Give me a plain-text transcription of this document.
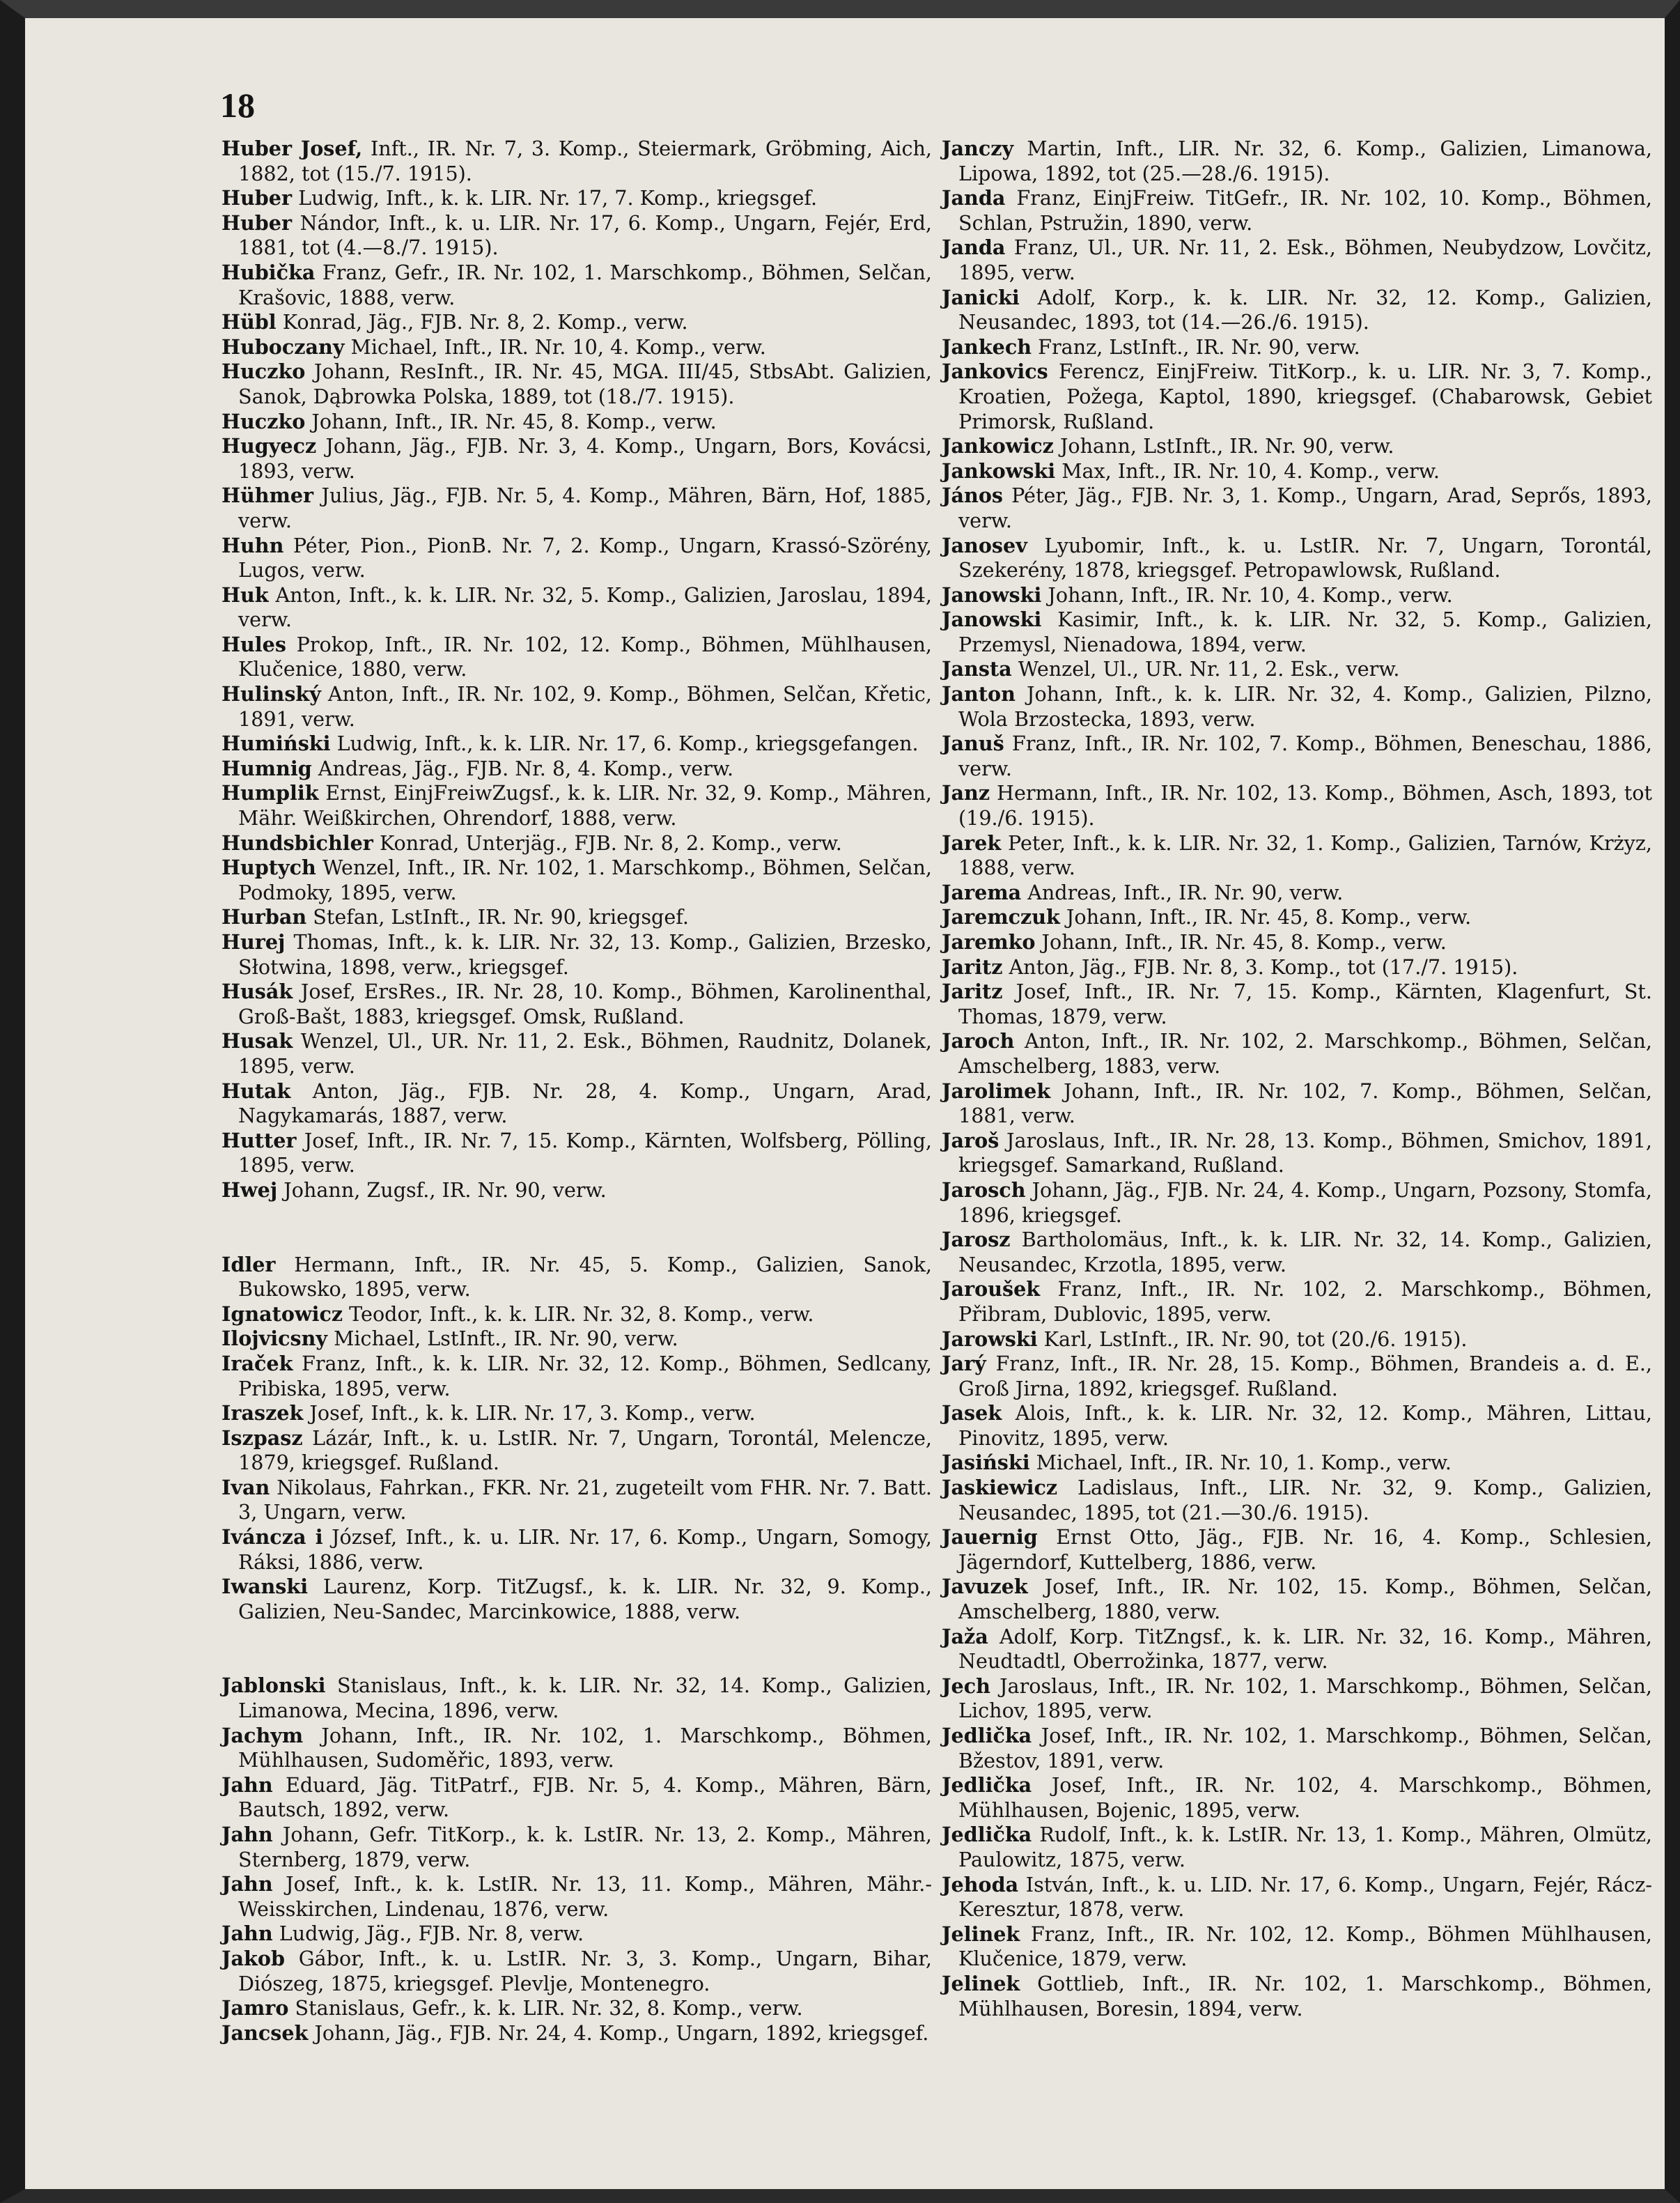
18

Huber Josef, Inft., IR. Nr. 7, 3. Komp., Steiermark, Gröbming, Aich, 1882, tot (15./7. 1915).

Huber Ludwig, Inft., k. k. LIR. Nr. 17, 7. Komp., kriegsgef.

Huber Nándor, Inft., k. u. LIR. Nr. 17, 6. Komp., Ungarn, Fejér, Erd, 1881, tot (4.—8./7. 1915).

Hubička Franz, Gefr., IR. Nr. 102, 1. Marschkomp., Böhmen, Selčan, Krašovic, 1888, verw.

Hübl Konrad, Jäg., FJB. Nr. 8, 2. Komp., verw.

Huboczany Michael, Inft., IR. Nr. 10, 4. Komp., verw.

Huczko Johann, ResInft., IR. Nr. 45, MGA. III/45, StbsAbt. Galizien, Sanok, Dąbrowka Polska, 1889, tot (18./7. 1915).

Huczko Johann, Inft., IR. Nr. 45, 8. Komp., verw.

Hugyecz Johann, Jäg., FJB. Nr. 3, 4. Komp., Ungarn, Bors, Kovácsi, 1893, verw.

Hühmer Julius, Jäg., FJB. Nr. 5, 4. Komp., Mähren, Bärn, Hof, 1885, verw.

Huhn Péter, Pion., PionB. Nr. 7, 2. Komp., Ungarn, Krassó-Szörény, Lugos, verw.

Huk Anton, Inft., k. k. LIR. Nr. 32, 5. Komp., Galizien, Jaroslau, 1894, verw.

Hules Prokop, Inft., IR. Nr. 102, 12. Komp., Böhmen, Mühlhausen, Klučenice, 1880, verw.

Hulinský Anton, Inft., IR. Nr. 102, 9. Komp., Böhmen, Selčan, Křetic, 1891, verw.

Humiński Ludwig, Inft., k. k. LIR. Nr. 17, 6. Komp., kriegsgefangen.

Humnig Andreas, Jäg., FJB. Nr. 8, 4. Komp., verw.

Humplik Ernst, EinjFreiwZugsf., k. k. LIR. Nr. 32, 9. Komp., Mähren, Mähr. Weißkirchen, Ohrendorf, 1888, verw.

Hundsbichler Konrad, Unterjäg., FJB. Nr. 8, 2. Komp., verw.

Huptych Wenzel, Inft., IR. Nr. 102, 1. Marschkomp., Böhmen, Selčan, Podmoky, 1895, verw.

Hurban Stefan, LstInft., IR. Nr. 90, kriegsgef.

Hurej Thomas, Inft., k. k. LIR. Nr. 32, 13. Komp., Galizien, Brzesko, Słotwina, 1898, verw., kriegsgef.

Husák Josef, ErsRes., IR. Nr. 28, 10. Komp., Böhmen, Karolinenthal, Groß-Bašt, 1883, kriegsgef. Omsk, Rußland.

Husak Wenzel, Ul., UR. Nr. 11, 2. Esk., Böhmen, Raudnitz, Dolanek, 1895, verw.

Hutak Anton, Jäg., FJB. Nr. 28, 4. Komp., Ungarn, Arad, Nagykamarás, 1887, verw.

Hutter Josef, Inft., IR. Nr. 7, 15. Komp., Kärnten, Wolfsberg, Pölling, 1895, verw.

Hwej Johann, Zugsf., IR. Nr. 90, verw.

Idler Hermann, Inft., IR. Nr. 45, 5. Komp., Galizien, Sanok, Bukowsko, 1895, verw.

Ignatowicz Teodor, Inft., k. k. LIR. Nr. 32, 8. Komp., verw.

Ilojvicsny Michael, LstInft., IR. Nr. 90, verw.

Iraček Franz, Inft., k. k. LIR. Nr. 32, 12. Komp., Böhmen, Sedlcany, Pribiska, 1895, verw.

Iraszek Josef, Inft., k. k. LIR. Nr. 17, 3. Komp., verw.

Iszpasz Lázár, Inft., k. u. LstIR. Nr. 7, Ungarn, Torontál, Melencze, 1879, kriegsgef. Rußland.

Ivan Nikolaus, Fahrkan., FKR. Nr. 21, zugeteilt vom FHR. Nr. 7. Batt. 3, Ungarn, verw.

Iváncza i József, Inft., k. u. LIR. Nr. 17, 6. Komp., Ungarn, Somogy, Ráksi, 1886, verw.

Iwanski Laurenz, Korp. TitZugsf., k. k. LIR. Nr. 32, 9. Komp., Galizien, Neu-Sandec, Marcinkowice, 1888, verw.

Jablonski Stanislaus, Inft., k. k. LIR. Nr. 32, 14. Komp., Galizien, Limanowa, Mecina, 1896, verw.

Jachym Johann, Inft., IR. Nr. 102, 1. Marschkomp., Böhmen, Mühlhausen, Sudoměřic, 1893, verw.

Jahn Eduard, Jäg. TitPatrf., FJB. Nr. 5, 4. Komp., Mähren, Bärn, Bautsch, 1892, verw.

Jahn Johann, Gefr. TitKorp., k. k. LstIR. Nr. 13, 2. Komp., Mähren, Sternberg, 1879, verw.

Jahn Josef, Inft., k. k. LstIR. Nr. 13, 11. Komp., Mähren, Mähr.-Weisskirchen, Lindenau, 1876, verw.

Jahn Ludwig, Jäg., FJB. Nr. 8, verw.

Jakob Gábor, Inft., k. u. LstIR. Nr. 3, 3. Komp., Ungarn, Bihar, Diószeg, 1875, kriegsgef. Plevlje, Montenegro.

Jamro Stanislaus, Gefr., k. k. LIR. Nr. 32, 8. Komp., verw.

Jancsek Johann, Jäg., FJB. Nr. 24, 4. Komp., Ungarn, 1892, kriegsgef.

Janczy Martin, Inft., LIR. Nr. 32, 6. Komp., Galizien, Limanowa, Lipowa, 1892, tot (25.—28./6. 1915).

Janda Franz, EinjFreiw. TitGefr., IR. Nr. 102, 10. Komp., Böhmen, Schlan, Pstružin, 1890, verw.

Janda Franz, Ul., UR. Nr. 11, 2. Esk., Böhmen, Neubydzow, Lovčitz, 1895, verw.

Janicki Adolf, Korp., k. k. LIR. Nr. 32, 12. Komp., Galizien, Neusandec, 1893, tot (14.—26./6. 1915).

Jankech Franz, LstInft., IR. Nr. 90, verw.

Jankovics Ferencz, EinjFreiw. TitKorp., k. u. LIR. Nr. 3, 7. Komp., Kroatien, Požega, Kaptol, 1890, kriegsgef. (Chabarowsk, Gebiet Primorsk, Rußland.

Jankowicz Johann, LstInft., IR. Nr. 90, verw.

Jankowski Max, Inft., IR. Nr. 10, 4. Komp., verw.

János Péter, Jäg., FJB. Nr. 3, 1. Komp., Ungarn, Arad, Seprős, 1893, verw.

Janosev Lyubomir, Inft., k. u. LstIR. Nr. 7, Ungarn, Torontál, Szekerény, 1878, kriegsgef. Petropawlowsk, Rußland.

Janowski Johann, Inft., IR. Nr. 10, 4. Komp., verw.

Janowski Kasimir, Inft., k. k. LIR. Nr. 32, 5. Komp., Galizien, Przemysl, Nienadowa, 1894, verw.

Jansta Wenzel, Ul., UR. Nr. 11, 2. Esk., verw.

Janton Johann, Inft., k. k. LIR. Nr. 32, 4. Komp., Galizien, Pilzno, Wola Brzostecka, 1893, verw.

Januš Franz, Inft., IR. Nr. 102, 7. Komp., Böhmen, Beneschau, 1886, verw.

Janz Hermann, Inft., IR. Nr. 102, 13. Komp., Böhmen, Asch, 1893, tot (19./6. 1915).

Jarek Peter, Inft., k. k. LIR. Nr. 32, 1. Komp., Galizien, Tarnów, Krżyz, 1888, verw.

Jarema Andreas, Inft., IR. Nr. 90, verw.

Jaremczuk Johann, Inft., IR. Nr. 45, 8. Komp., verw.

Jaremko Johann, Inft., IR. Nr. 45, 8. Komp., verw.

Jaritz Anton, Jäg., FJB. Nr. 8, 3. Komp., tot (17./7. 1915).

Jaritz Josef, Inft., IR. Nr. 7, 15. Komp., Kärnten, Klagenfurt, St. Thomas, 1879, verw.

Jaroch Anton, Inft., IR. Nr. 102, 2. Marschkomp., Böhmen, Selčan, Amschelberg, 1883, verw.

Jarolimek Johann, Inft., IR. Nr. 102, 7. Komp., Böhmen, Selčan, 1881, verw.

Jaroš Jaroslaus, Inft., IR. Nr. 28, 13. Komp., Böhmen, Smichov, 1891, kriegsgef. Samarkand, Rußland.

Jarosch Johann, Jäg., FJB. Nr. 24, 4. Komp., Ungarn, Pozsony, Stomfa, 1896, kriegsgef.

Jarosz Bartholomäus, Inft., k. k. LIR. Nr. 32, 14. Komp., Galizien, Neusandec, Krzotla, 1895, verw.

Jaroušek Franz, Inft., IR. Nr. 102, 2. Marschkomp., Böhmen, Přibram, Dublovic, 1895, verw.

Jarowski Karl, LstInft., IR. Nr. 90, tot (20./6. 1915).

Jarý Franz, Inft., IR. Nr. 28, 15. Komp., Böhmen, Brandeis a. d. E., Groß Jirna, 1892, kriegsgef. Rußland.

Jasek Alois, Inft., k. k. LIR. Nr. 32, 12. Komp., Mähren, Littau, Pinovitz, 1895, verw.

Jasiński Michael, Inft., IR. Nr. 10, 1. Komp., verw.

Jaskiewicz Ladislaus, Inft., LIR. Nr. 32, 9. Komp., Galizien, Neusandec, 1895, tot (21.—30./6. 1915).

Jauernig Ernst Otto, Jäg., FJB. Nr. 16, 4. Komp., Schlesien, Jägerndorf, Kuttelberg, 1886, verw.

Javuzek Josef, Inft., IR. Nr. 102, 15. Komp., Böhmen, Selčan, Amschelberg, 1880, verw.

Jaža Adolf, Korp. TitZngsf., k. k. LIR. Nr. 32, 16. Komp., Mähren, Neudtadtl, Oberrožinka, 1877, verw.

Jech Jaroslaus, Inft., IR. Nr. 102, 1. Marschkomp., Böhmen, Selčan, Lichov, 1895, verw.

Jedlička Josef, Inft., IR. Nr. 102, 1. Marschkomp., Böhmen, Selčan, Bžestov, 1891, verw.

Jedlička Josef, Inft., IR. Nr. 102, 4. Marschkomp., Böhmen, Mühlhausen, Bojenic, 1895, verw.

Jedlička Rudolf, Inft., k. k. LstIR. Nr. 13, 1. Komp., Mähren, Olmütz, Paulowitz, 1875, verw.

Jehoda István, Inft., k. u. LID. Nr. 17, 6. Komp., Ungarn, Fejér, Rácz-Keresztur, 1878, verw.

Jelinek Franz, Inft., IR. Nr. 102, 12. Komp., Böhmen Mühlhausen, Klučenice, 1879, verw.

Jelinek Gottlieb, Inft., IR. Nr. 102, 1. Marschkomp., Böhmen, Mühlhausen, Boresin, 1894, verw.
